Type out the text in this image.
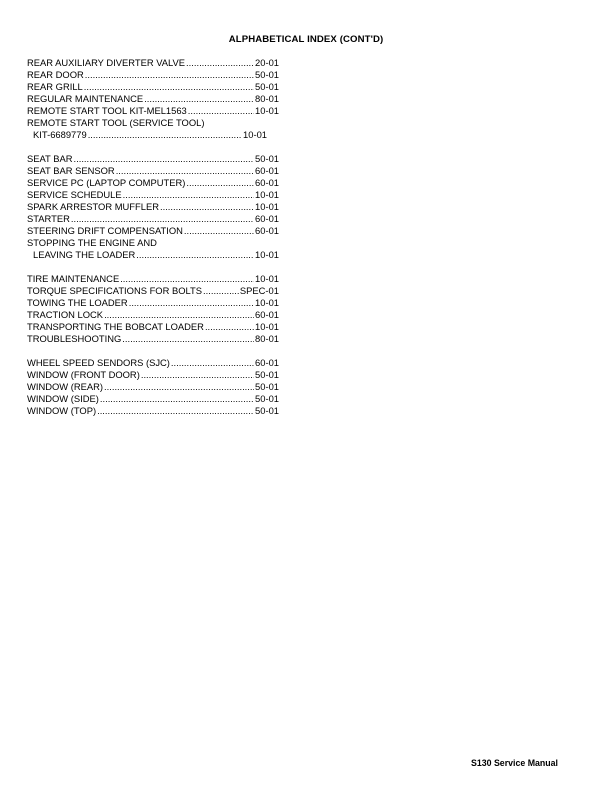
ALPHABETICAL INDEX (CONT'D)
REAR AUXILIARY DIVERTER VALVE .....	20-01
REAR DOOR .....	50-01
REAR GRILL .....	50-01
REGULAR MAINTENANCE .....	80-01
REMOTE START TOOL KIT-MEL1563 .....	10-01
REMOTE START TOOL (SERVICE TOOL)
KIT-6689779 .....	10-01
SEAT BAR .....	50-01
SEAT BAR SENSOR .....	60-01
SERVICE PC (LAPTOP COMPUTER) .....	60-01
SERVICE SCHEDULE .....	10-01
SPARK ARRESTOR MUFFLER .....	10-01
STARTER .....	60-01
STEERING DRIFT COMPENSATION .....	60-01
STOPPING THE ENGINE AND
LEAVING THE LOADER .....	10-01
TIRE MAINTENANCE .....	10-01
TORQUE SPECIFICATIONS FOR BOLTS .....	SPEC-01
TOWING THE LOADER .....	10-01
TRACTION LOCK .....	60-01
TRANSPORTING THE BOBCAT LOADER .....	10-01
TROUBLESHOOTING .....	80-01
WHEEL SPEED SENDORS (SJC) .....	60-01
WINDOW (FRONT DOOR) .....	50-01
WINDOW (REAR) .....	50-01
WINDOW (SIDE) .....	50-01
WINDOW (TOP) .....	50-01
S130 Service Manual
